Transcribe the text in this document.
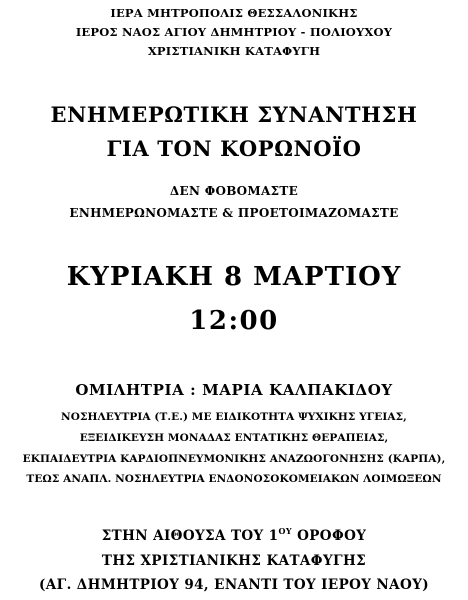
ΙΕΡΑ ΜΗΤΡΟΠΟΛΙΣ ΘΕΣΣΑΛΟΝΙΚΗΣ
ΙΕΡΟΣ ΝΑΟΣ ΑΓΙΟΥ ΔΗΜΗΤΡΙΟΥ - ΠΟΛΙΟΥΧΟΥ
ΧΡΙΣΤΙΑΝΙΚΗ ΚΑΤΑΦΥΓΗ
ΕΝΗΜΕΡΩΤΙΚΗ ΣΥΝΑΝΤΗΣΗ
ΓΙΑ ΤΟΝ ΚΟΡΩΝΟΪΟ
ΔΕΝ ΦΟΒΟΜΑΣΤΕ
ΕΝΗΜΕΡΩΝΟΜΑΣΤΕ & ΠΡΟΕΤΟΙΜΑΖΟΜΑΣΤΕ
ΚΥΡΙΑΚΗ 8 ΜΑΡΤΙΟΥ
12:00
ΟΜΙΛΗΤΡΙΑ : ΜΑΡΙΑ ΚΑΛΠΑΚΙΔΟΥ
ΝΟΣΗΛΕΥΤΡΙΑ (Τ.Ε.) ΜΕ ΕΙΔΙΚΟΤΗΤΑ ΨΥΧΙΚΗΣ ΥΓΕΙΑΣ,
ΕΞΕΙΔΙΚΕΥΣΗ ΜΟΝΑΔΑΣ ΕΝΤΑΤΙΚΗΣ ΘΕΡΑΠΕΙΑΣ,
ΕΚΠΑΙΔΕΥΤΡΙΑ ΚΑΡΔΙΟΠΝΕΥΜΟΝΙΚΗΣ ΑΝΑΖΩΟΓΟΝΗΣΗΣ (ΚΑΡΠΑ),
ΤΕΩΣ ΑΝΑΠΛ. ΝΟΣΗΛΕΥΤΡΙΑ ΕΝΔΟΝΟΣΟΚΟΜΕΙΑΚΩΝ ΛΟΙΜΩΞΕΩΝ
ΣΤΗΝ ΑΙΘΟΥΣΑ ΤΟΥ $1^{O\Upsilon}$ ΟΡΟΦΟΥ
ΤΗΣ ΧΡΙΣΤΙΑΝΙΚΗΣ ΚΑΤΑΦΥΓΗΣ
(ΑΓ. ΔΗΜΗΤΡΙΟΥ 94, ΕΝΑΝΤΙ ΤΟΥ ΙΕΡΟΥ ΝΑΟΥ)
